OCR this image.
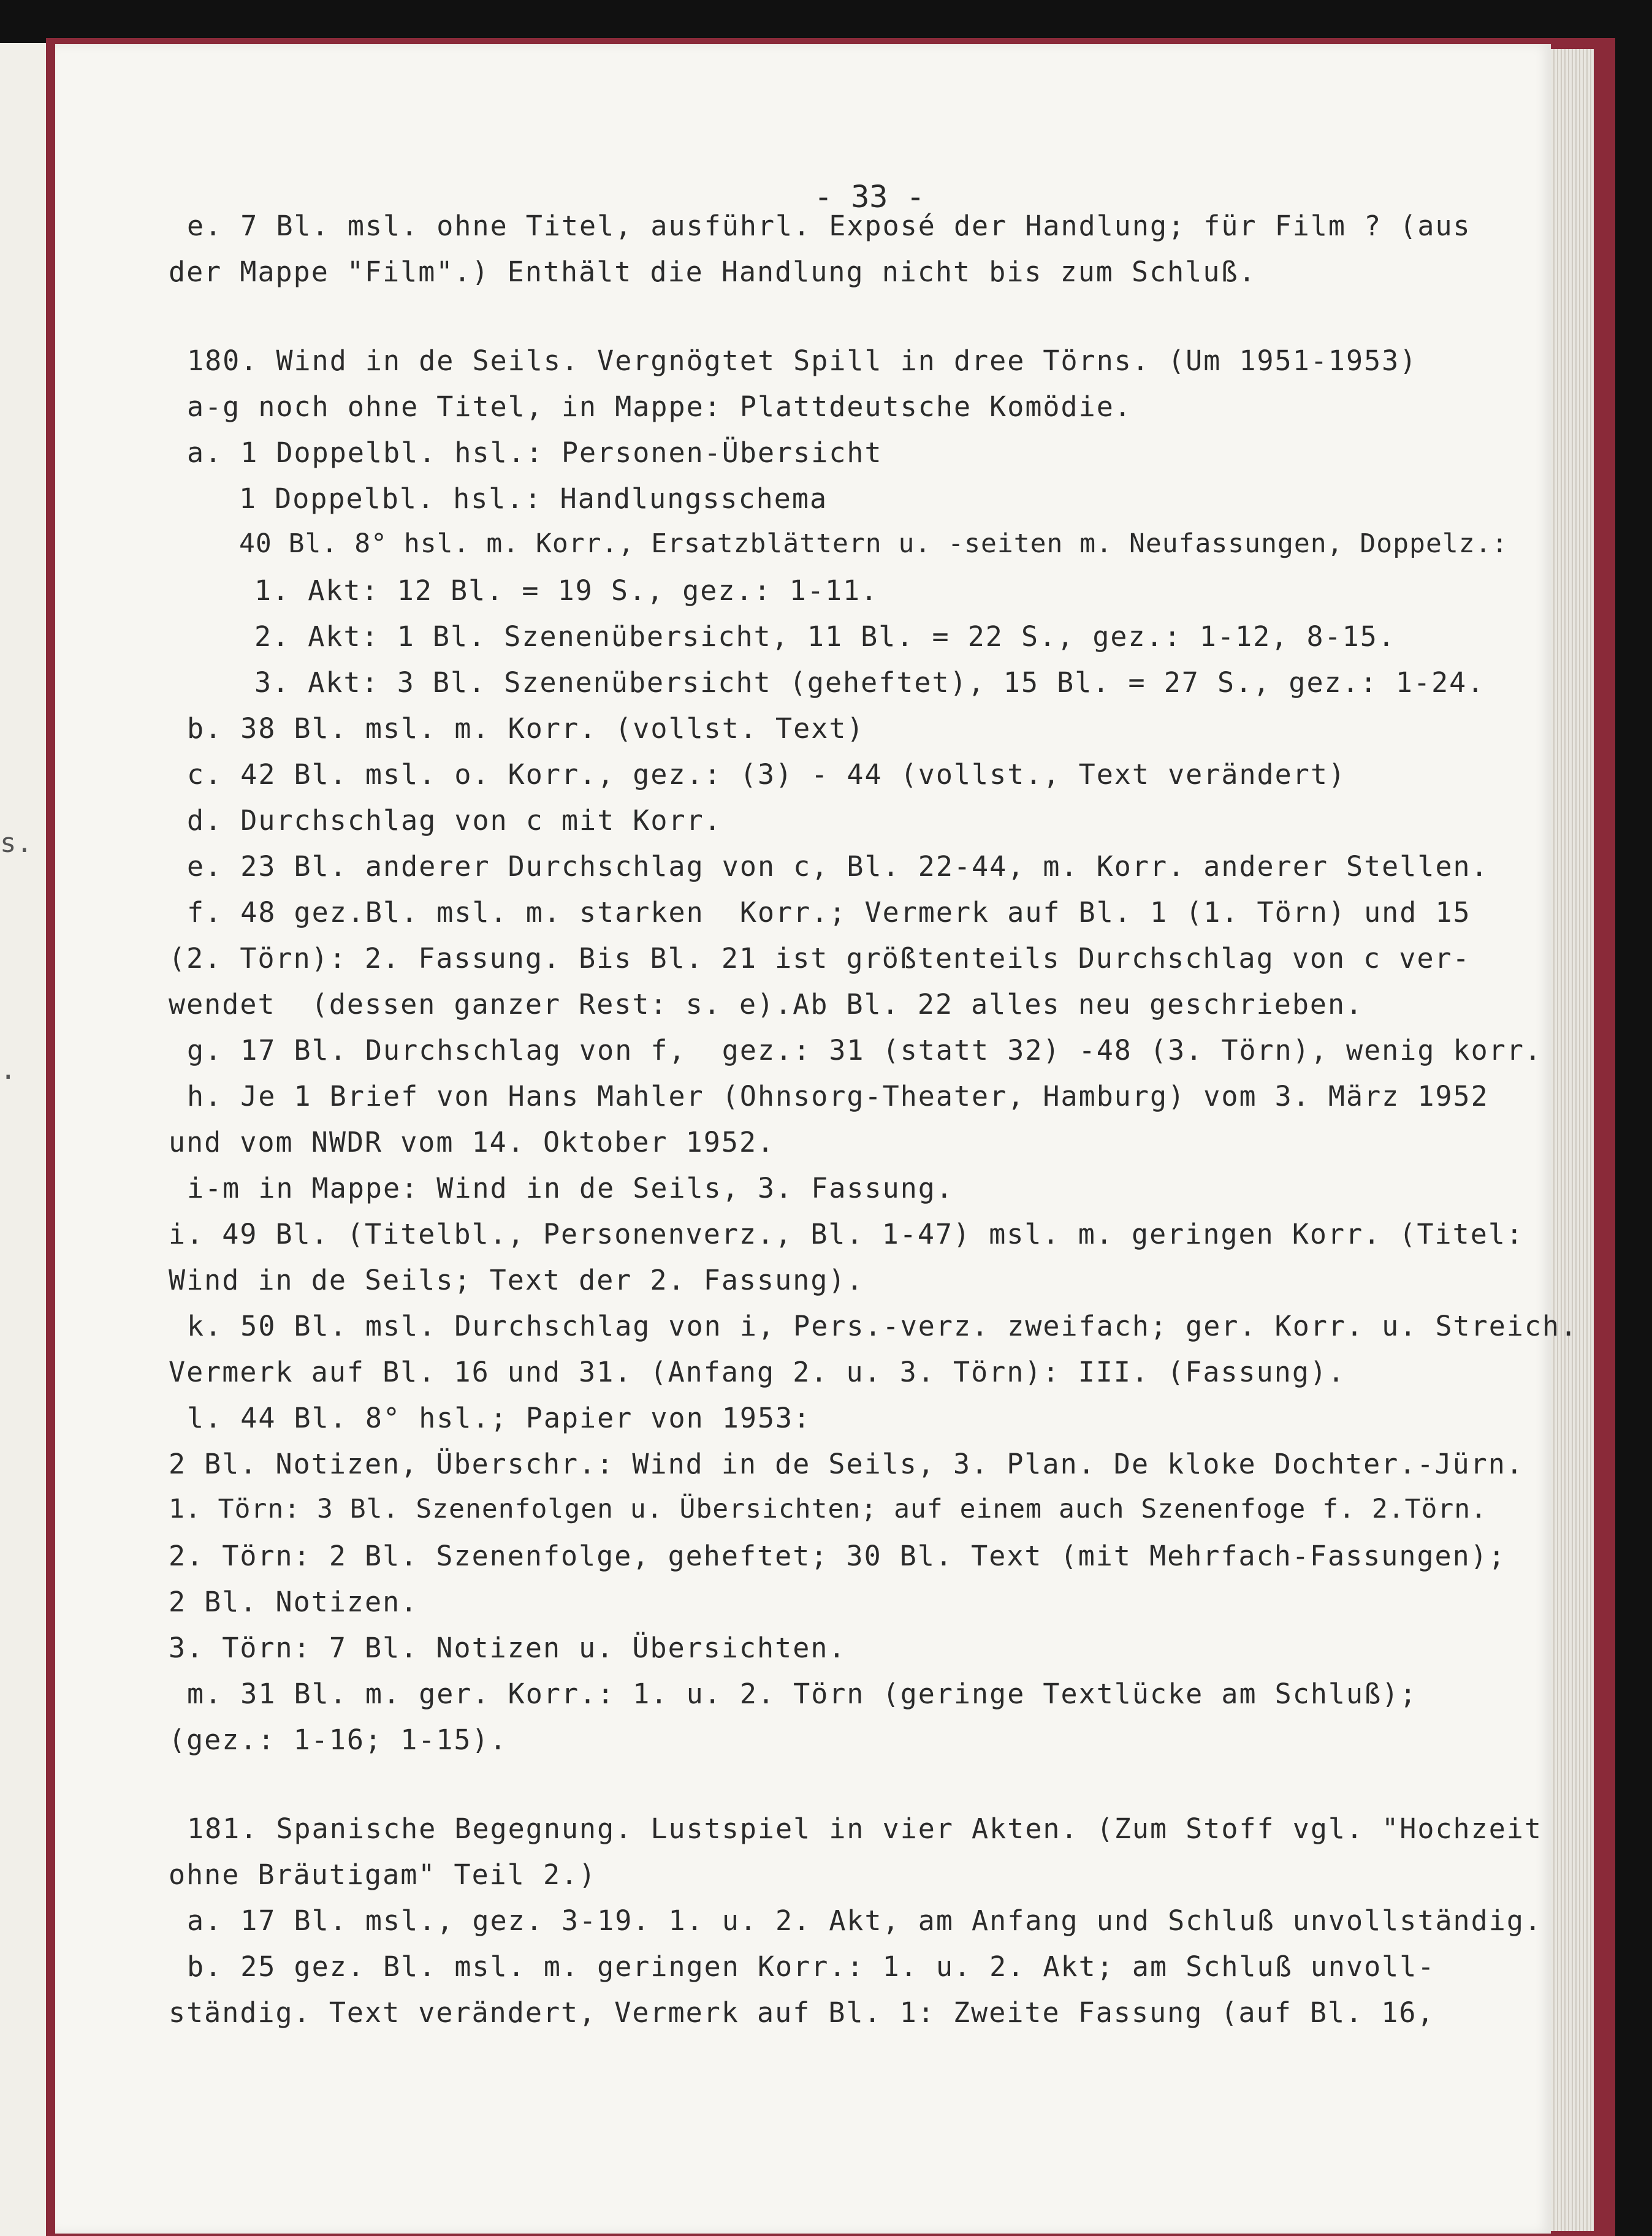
s.
.
- 33 -
e. 7 Bl. msl. ohne Titel, ausführl. Exposé der Handlung; für Film ? (aus
der Mappe "Film".) Enthält die Handlung nicht bis zum Schluß.
180. Wind in de Seils. Vergnögtet Spill in dree Törns. (Um 1951-1953)
a-g noch ohne Titel, in Mappe: Plattdeutsche Komödie.
a. 1 Doppelbl. hsl.: Personen-Übersicht
1 Doppelbl. hsl.: Handlungsschema
40 Bl. 8° hsl. m. Korr., Ersatzblättern u. -seiten m. Neufassungen, Doppelz.:
1. Akt: 12 Bl. = 19 S., gez.: 1-11.
2. Akt: 1 Bl. Szenenübersicht, 11 Bl. = 22 S., gez.: 1-12, 8-15.
3. Akt: 3 Bl. Szenenübersicht (geheftet), 15 Bl. = 27 S., gez.: 1-24.
b. 38 Bl. msl. m. Korr. (vollst. Text)
c. 42 Bl. msl. o. Korr., gez.: (3) - 44 (vollst., Text verändert)
d. Durchschlag von c mit Korr.
e. 23 Bl. anderer Durchschlag von c, Bl. 22-44, m. Korr. anderer Stellen.
f. 48 gez.Bl. msl. m. starken  Korr.; Vermerk auf Bl. 1 (1. Törn) und 15
(2. Törn): 2. Fassung. Bis Bl. 21 ist größtenteils Durchschlag von c ver-
wendet  (dessen ganzer Rest: s. e).Ab Bl. 22 alles neu geschrieben.
g. 17 Bl. Durchschlag von f,  gez.: 31 (statt 32) -48 (3. Törn), wenig korr.
h. Je 1 Brief von Hans Mahler (Ohnsorg-Theater, Hamburg) vom 3. März 1952
und vom NWDR vom 14. Oktober 1952.
i-m in Mappe: Wind in de Seils, 3. Fassung.
i. 49 Bl. (Titelbl., Personenverz., Bl. 1-47) msl. m. geringen Korr. (Titel:
Wind in de Seils; Text der 2. Fassung).
k. 50 Bl. msl. Durchschlag von i, Pers.-verz. zweifach; ger. Korr. u. Streich.
Vermerk auf Bl. 16 und 31. (Anfang 2. u. 3. Törn): III. (Fassung).
l. 44 Bl. 8° hsl.; Papier von 1953:
2 Bl. Notizen, Überschr.: Wind in de Seils, 3. Plan. De kloke Dochter.-Jürn.
1. Törn: 3 Bl. Szenenfolgen u. Übersichten; auf einem auch Szenenfoge f. 2.Törn.
2. Törn: 2 Bl. Szenenfolge, geheftet; 30 Bl. Text (mit Mehrfach-Fassungen);
2 Bl. Notizen.
3. Törn: 7 Bl. Notizen u. Übersichten.
m. 31 Bl. m. ger. Korr.: 1. u. 2. Törn (geringe Textlücke am Schluß);
(gez.: 1-16; 1-15).
181. Spanische Begegnung. Lustspiel in vier Akten. (Zum Stoff vgl. "Hochzeit
ohne Bräutigam" Teil 2.)
a. 17 Bl. msl., gez. 3-19. 1. u. 2. Akt, am Anfang und Schluß unvollständig.
b. 25 gez. Bl. msl. m. geringen Korr.: 1. u. 2. Akt; am Schluß unvoll-
ständig. Text verändert, Vermerk auf Bl. 1: Zweite Fassung (auf Bl. 16,
